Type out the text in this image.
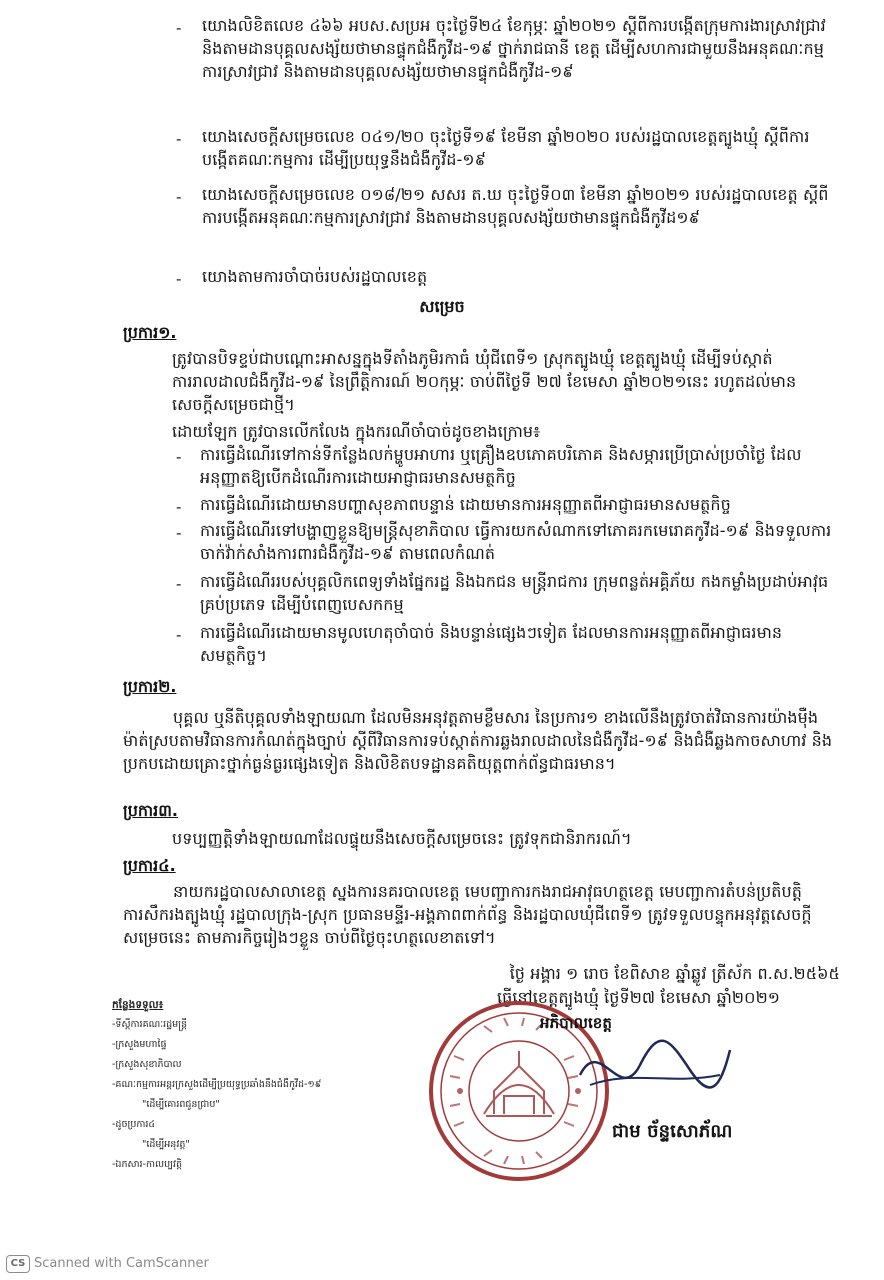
-	យោងលិខិតលេខ ៤៦៦ អបស.សប្រអ ចុះថ្ងៃទី២៤ ខែកុម្ភៈ ឆ្នាំ២០២១ ស្តីពីការបង្កើតក្រុមការងារស្រាវជ្រាវ និងតាមដានបុគ្គលសង្ស័យថាមានផ្ទុកជំងឺកូវីដ-១៩ ថ្នាក់រាជធានី ខេត្ត ដើម្បីសហការជាមួយនឹងអនុគណៈកម្មការស្រាវជ្រាវ និងតាមដានបុគ្គលសង្ស័យថាមានផ្ទុកជំងឺកូវីដ-១៩
-	យោងសេចក្តីសម្រេចលេខ ០៤១/២០ ចុះថ្ងៃទី១៩ ខែមីនា ឆ្នាំ២០២០ របស់រដ្ឋបាលខេត្តត្បូងឃ្មុំ ស្តីពីការបង្កើតគណៈកម្មការ ដើម្បីប្រយុទ្ធនឹងជំងឺកូវីដ-១៩
-	យោងសេចក្តីសម្រេចលេខ ០១៨/២១ សសរ ត.ឃ ចុះថ្ងៃទី០៣ ខែមីនា ឆ្នាំ២០២១ របស់រដ្ឋបាលខេត្ត ស្តីពីការបង្កើតអនុគណៈកម្មការស្រាវជ្រាវ និងតាមដានបុគ្គលសង្ស័យថាមានផ្ទុកជំងឺកូវីដ១៩
-	យោងតាមការចាំបាច់របស់រដ្ឋបាលខេត្ត
សម្រេច
ប្រការ១.
ត្រូវបានបិទខ្ទប់ជាបណ្តោះអាសន្នក្នុងទីតាំងភូមិរកាធំ ឃុំជីពេទី១ ស្រុកត្បូងឃ្មុំ ខេត្តត្បូងឃ្មុំ ដើម្បីទប់ស្កាត់ការរាលដាលជំងឺកូវីដ-១៩ នៃព្រឹត្តិការណ៍ ២០កុម្ភៈ ចាប់ពីថ្ងៃទី ២៧ ខែមេសា ឆ្នាំ២០២១នេះ រហូតដល់មានសេចក្តីសម្រេចជាថ្មី។
ដោយឡែក ត្រូវបានលើកលែង ក្នុងករណីចាំបាច់ដូចខាងក្រោម៖
-	ការធ្វើដំណើរទៅកាន់ទីកន្លែងលក់ម្ហូបអាហារ ឬគ្រឿងឧបភោគបរិភោគ និងសម្ភារប្រើប្រាស់ប្រចាំថ្ងៃ ដែលអនុញ្ញាតឱ្យបើកដំណើរការដោយអាជ្ញាធរមានសមត្ថកិច្ច
-	ការធ្វើដំណើរដោយមានបញ្ហាសុខភាពបន្ទាន់ ដោយមានការអនុញ្ញាតពីអាជ្ញាធរមានសមត្ថកិច្ច
-	ការធ្វើដំណើរទៅបង្ហាញខ្លួនឱ្យមន្ត្រីសុខាភិបាល ធ្វើការយកសំណាកទៅភោគរកមេរោគកូវីដ-១៩ និងទទួលការចាក់វ៉ាក់សាំងការពារជំងឺកូវីដ-១៩ តាមពេលកំណត់
-	ការធ្វើដំណើររបស់បុគ្គលិកពេទ្យទាំងផ្នែករដ្ឋ និងឯកជន មន្ត្រីរាជការ ក្រុមពន្លត់អគ្គិភ័យ កងកម្លាំងប្រដាប់អាវុធគ្រប់ប្រភេទ ដើម្បីបំពេញបេសកកម្ម
-	ការធ្វើដំណើរដោយមានមូលហេតុចាំបាច់ និងបន្ទាន់ផ្សេងៗទៀត ដែលមានការអនុញ្ញាតពីអាជ្ញាធរមានសមត្ថកិច្ច។
ប្រការ២.
បុគ្គល ឬនីតិបុគ្គលទាំងឡាយណា ដែលមិនអនុវត្តតាមខ្លឹមសារ នៃប្រការ១ ខាងលើនឹងត្រូវចាត់វិធានការយ៉ាងម៉ឺងម៉ាត់ស្របតាមវិធានការកំណត់ក្នុងច្បាប់ ស្តីពីវិធានការទប់ស្កាត់ការឆ្លងរាលដាលនៃជំងឺកូវីដ-១៩ និងជំងឺឆ្លងកាចសាហាវ និងប្រកបដោយគ្រោះថ្នាក់ធ្ងន់ធ្ងរផ្សេងទៀត និងលិខិតបទដ្ឋានគតិយុត្តពាក់ព័ន្ធជាធរមាន។
ប្រការ៣.
បទប្បញ្ញត្តិទាំងឡាយណាដែលផ្ទុយនឹងសេចក្តីសម្រេចនេះ ត្រូវទុកជានិរាករណ៍។
ប្រការ៤.
នាយករដ្ឋបាលសាលាខេត្ត ស្នងការនគរបាលខេត្ត មេបញ្ជាការកងរាជអាវុធហត្ថខេត្ត មេបញ្ជាការតំបន់ប្រតិបត្តិការសឹករងត្បូងឃ្មុំ រដ្ឋបាលក្រុង-ស្រុក ប្រធានមន្ទីរ-អង្គភាពពាក់ព័ន្ធ និងរដ្ឋបាលឃុំជីពេទី១ ត្រូវទទួលបន្ទុកអនុវត្តសេចក្តីសម្រេចនេះ តាមភារកិច្ចរៀងៗខ្លួន ចាប់ពីថ្ងៃចុះហត្ថលេខាតទៅ។
ថ្ងៃ អង្គារ ១ រោច ខែពិសាខ ឆ្នាំឆ្លូវ ត្រីស័ក ព.ស.២៥៦៥
ធ្វើនៅខេត្តត្បូងឃ្មុំ ថ្ងៃទី២៧ ខែមេសា ឆ្នាំ២០២១
អភិបាលខេត្ត
ជាម ច័ន្ទសោភ័ណ
កន្លែងទទួល៖
-ទីស្តីការគណៈរដ្ឋមន្ត្រី
-ក្រសួងមហាផ្ទៃ
-ក្រសួងសុខាភិបាល
-គណៈកម្មការអន្តរក្រសួងដើម្បីប្រយុទ្ធប្រឆាំងនឹងជំងឺកូវីដ-១៩
"ដើម្បីគោរពជូនជ្រាប"
-ដូចប្រការ៤
"ដើម្បីអនុវត្ត"
-ឯកសារ-កាលប្បវត្តិ
CS Scanned with CamScanner
